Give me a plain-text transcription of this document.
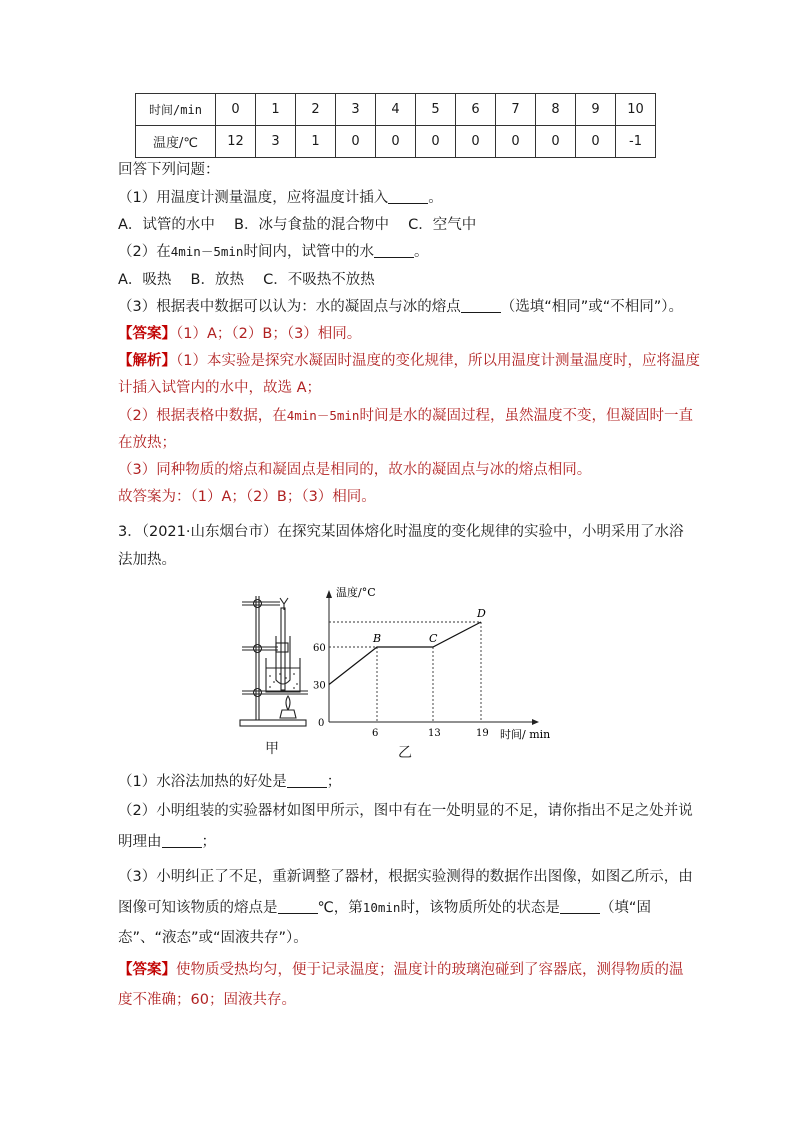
时间/min	0	1	2	3	4	5	6	7	8	9	10
温度/℃	12	3	1	0	0	0	0	0	0	0	-1
回答下列问题：
（1）用温度计测量温度，应将温度计插入	。
A．试管的水中　 B．冰与食盐的混合物中　 C．空气中
（2）在4min－5min时间内，试管中的水	。
A．吸热　 B．放热　 C．不吸热不放热
（3）根据表中数据可以认为：水的凝固点与冰的熔点	（选填“相同”或“不相同”）。
【答案】（1）A；（2）B；（3）相同。
【解析】（1）本实验是探究水凝固时温度的变化规律，所以用温度计测量温度时，应将温度
计插入试管内的水中，故选 A；
（2）根据表格中数据，在4min－5min时间是水的凝固过程，虽然温度不变，但凝固时一直
在放热；
（3）同种物质的熔点和凝固点是相同的，故水的凝固点与冰的熔点相同。
故答案为：（1）A；（2）B；（3）相同。
3．（2021·山东烟台市）在探究某固体熔化时温度的变化规律的实验中，小明采用了水浴
法加热。
甲
温度/°C
时间/ min
0
B	C
D
30
60
6	13	19
乙
（1）水浴法加热的好处是	；
（2）小明组装的实验器材如图甲所示，图中有在一处明显的不足，请你指出不足之处并说
明理由	；
（3）小明纠正了不足，重新调整了器材，根据实验测得的数据作出图像，如图乙所示，由
图像可知该物质的熔点是	℃，第10min时，该物质所处的状态是	（填“固
态”、“液态”或“固液共存”）。
【答案】使物质受热均匀，便于记录温度；温度计的玻璃泡碰到了容器底，测得物质的温
度不准确；60；固液共存。
